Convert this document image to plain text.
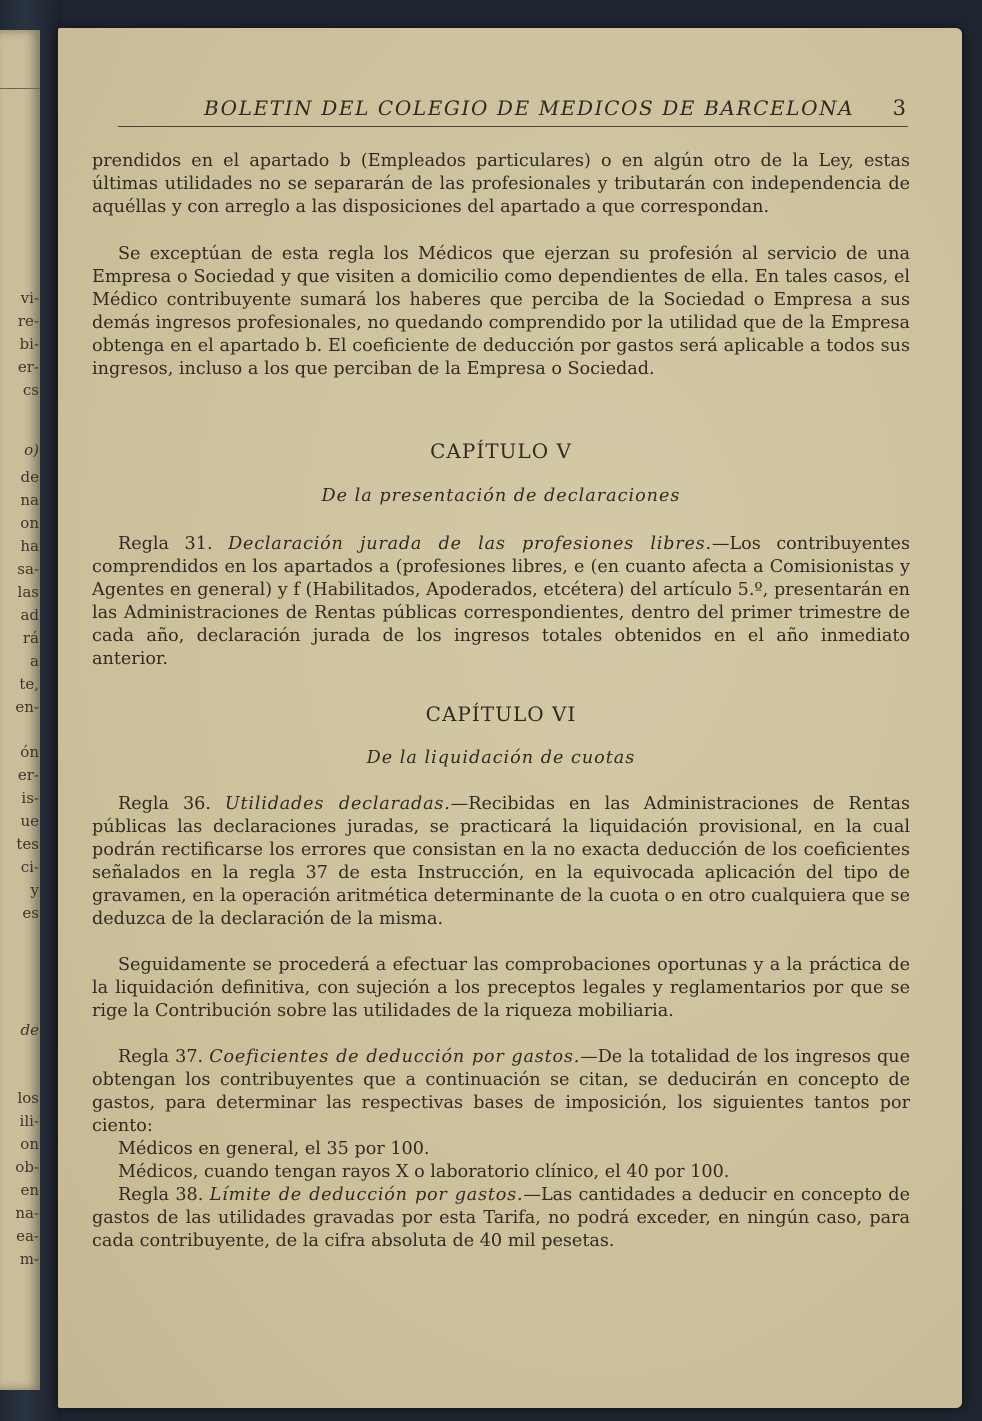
vi-
re-
bi-
er-
cs
o)
de
na
on
ha
sa-
las
ad
rá
a
te,
en-
ón
er-
is-
ue
tes
ci-
y
es
de
los
ili-
on
ob-
en
na-
ea-
m-
BOLETIN DEL COLEGIO DE MEDICOS DE BARCELONA 3

prendidos en el apartado b (Empleados particulares) o en algún otro de la Ley, estas últimas utilidades no se separarán de las profesionales y tributarán con independencia de aquéllas y con arreglo a las disposiciones del apartado a que correspondan.

Se exceptúan de esta regla los Médicos que ejerzan su profesión al servicio de una Empresa o Sociedad y que visiten a domicilio como dependientes de ella. En tales casos, el Médico contribuyente sumará los haberes que perciba de la Sociedad o Empresa a sus demás ingresos profesionales, no quedando comprendido por la utilidad que de la Empresa obtenga en el apartado b. El coeficiente de deducción por gastos será aplicable a todos sus ingresos, incluso a los que perciban de la Empresa o Sociedad.

CAPÍTULO V

De la presentación de declaraciones

Regla 31. Declaración jurada de las profesiones libres.—Los contribuyentes comprendidos en los apartados a (profesiones libres, e (en cuanto afecta a Comisionistas y Agentes en general) y f (Habilitados, Apoderados, etcétera) del artículo 5.º, presentarán en las Administraciones de Rentas públicas correspondientes, dentro del primer trimestre de cada año, declaración jurada de los ingresos totales obtenidos en el año inmediato anterior.

CAPÍTULO VI

De la liquidación de cuotas

Regla 36. Utilidades declaradas.—Recibidas en las Administraciones de Rentas públicas las declaraciones juradas, se practicará la liquidación provisional, en la cual podrán rectificarse los errores que consistan en la no exacta deducción de los coeficientes señalados en la regla 37 de esta Instrucción, en la equivocada aplicación del tipo de gravamen, en la operación aritmética determinante de la cuota o en otro cualquiera que se deduzca de la declaración de la misma.

Seguidamente se procederá a efectuar las comprobaciones oportunas y a la práctica de la liquidación definitiva, con sujeción a los preceptos legales y reglamentarios por que se rige la Contribución sobre las utilidades de la riqueza mobiliaria.

Regla 37. Coeficientes de deducción por gastos.—De la totalidad de los ingresos que obtengan los contribuyentes que a continuación se citan, se deducirán en concepto de gastos, para determinar las respectivas bases de imposición, los siguientes tantos por ciento:

Médicos en general, el 35 por 100.

Médicos, cuando tengan rayos X o laboratorio clínico, el 40 por 100.

Regla 38. Límite de deducción por gastos.—Las cantidades a deducir en concepto de gastos de las utilidades gravadas por esta Tarifa, no podrá exceder, en ningún caso, para cada contribuyente, de la cifra absoluta de 40 mil pesetas.
